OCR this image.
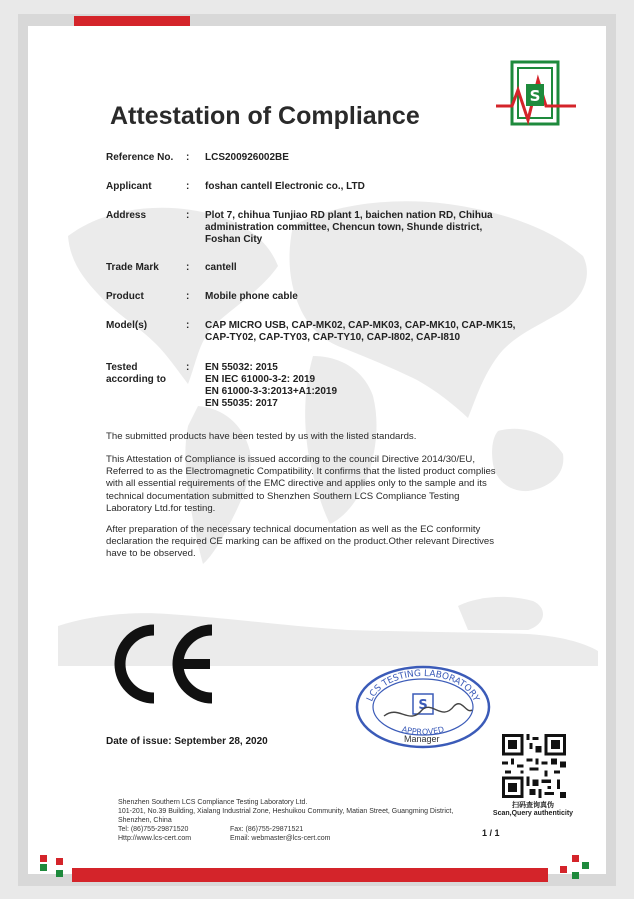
Attestation of Compliance
S
Reference No.	: LCS200926002BE
Applicant	: foshan cantell Electronic co., LTD
Address	: Plot 7, chihua Tunjiao RD plant 1, baichen nation RD, Chihua
administration committee, Chencun town, Shunde district,
Foshan City
Trade Mark	: cantell
Product	: Mobile phone cable
Model(s)	: CAP MICRO USB, CAP-MK02, CAP-MK03, CAP-MK10, CAP-MK15,
CAP-TY02, CAP-TY03, CAP-TY10, CAP-I802, CAP-I810
Tested
according to
: EN 55032: 2015
EN IEC 61000-3-2: 2019
EN 61000-3-3:2013+A1:2019
EN 55035: 2017
The submitted products have been tested by us with the listed standards.
This Attestation of Compliance is issued according to the council Directive 2014/30/EU,
Referred to as the Electromagnetic Compatibility. It confirms that the listed product complies
with all essential requirements of the EMC directive and applies only to the sample and its
technical documentation submitted to Shenzhen Southern LCS Compliance Testing
Laboratory Ltd.for testing.
After preparation of the necessary technical documentation as well as the EC conformity
declaration the required CE marking can be affixed on the product.Other relevant Directives
have to be observed.
LCS TESTING LABORATORY
APPROVED
S
Manager
Date of issue: September 28, 2020
扫码查询真伪
Scan,Query authenticity
Shenzhen Southern LCS Compliance Testing Laboratory Ltd.
101-201, No.39 Building, Xialang Industrial Zone, Heshuikou Community, Matian Street, Guangming District,
Shenzhen, China
Tel: (86)755-29871520	Fax: (86)755-29871521
Http://www.lcs-cert.com	Email: webmaster@lcs-cert.com
1 / 1
